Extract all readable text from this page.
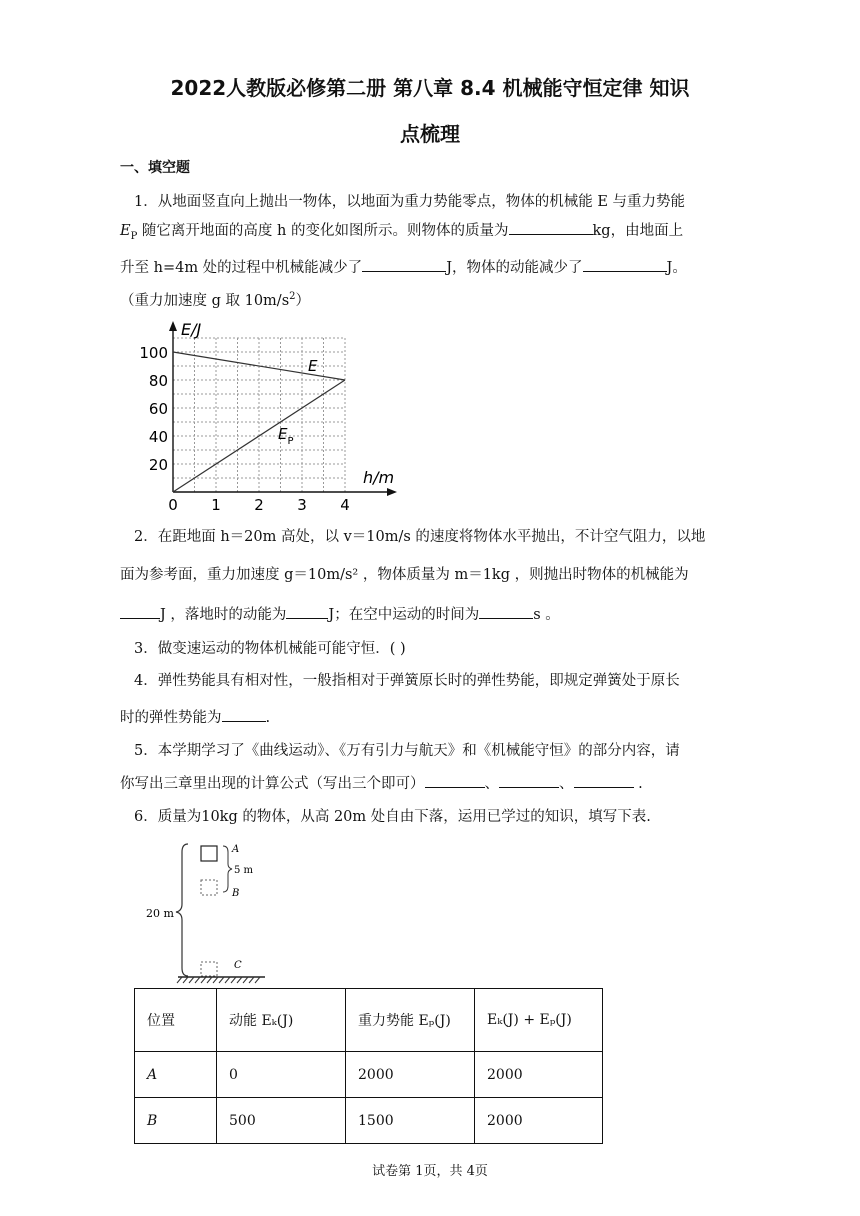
2022人教版必修第二册 第八章 8.4 机械能守恒定律 知识
点梳理
一、填空题
1．从地面竖直向上抛出一物体，以地面为重力势能零点，物体的机械能 E 与重力势能
$E_P$ 随它离开地面的高度 h 的变化如图所示。则物体的质量为	kg，由地面上
升至 h=4m 处的过程中机械能减少了	J，物体的动能减少了	J。
（重力加速度 g 取 $10m/s^2$）
E/J
h/m
100
80
60
40
20
0 1 2 3 4
E
$E_P$
2．在距地面 h＝20m 高处，以 v＝10m/s 的速度将物体水平抛出，不计空气阻力，以地
面为参考面，重力加速度 g＝10m/s² ，物体质量为 m＝1kg ，则抛出时物体的机械能为
J ，落地时的动能为	J；在空中运动的时间为	s 。
3．做变速运动的物体机械能可能守恒．( )
4．弹性势能具有相对性，一般指相对于弹簧原长时的弹性势能，即规定弹簧处于原长
时的弹性势能为	.
5．本学期学习了《曲线运动》、《万有引力与航天》和《机械能守恒》的部分内容，请
你写出三章里出现的计算公式（写出三个即可）	、	、	.
6．质量为10kg 的物体，从高 20m 处自由下落，运用已学过的知识，填写下表.
20 m
A
5 m
B
C
位置	动能 Eₖ(J)	重力势能 Eₚ(J)	Eₖ(J) + Eₚ(J)
A	0	2000	2000
B	500	1500	2000
试卷第 1页，共 4页
